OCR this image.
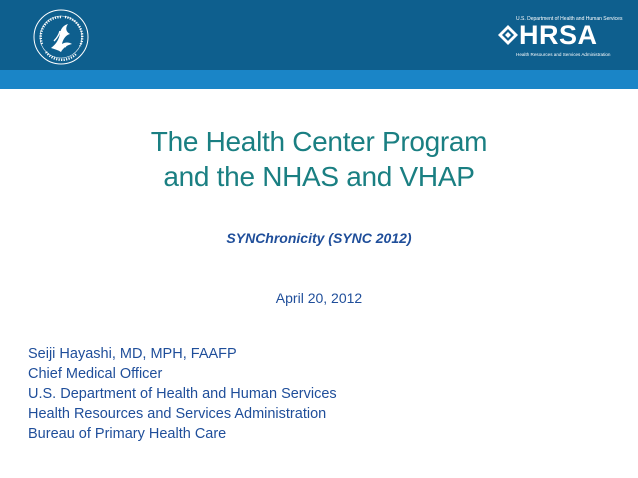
U.S. Department of Health and Human Services
HRSA
Health Resources and Services Administration
The Health Center Program
and the NHAS and VHAP
SYNChronicity (SYNC 2012)
April 20, 2012
Seiji Hayashi, MD, MPH, FAAFP
Chief Medical Officer
U.S. Department of Health and Human Services
Health Resources and Services Administration
Bureau of Primary Health Care
